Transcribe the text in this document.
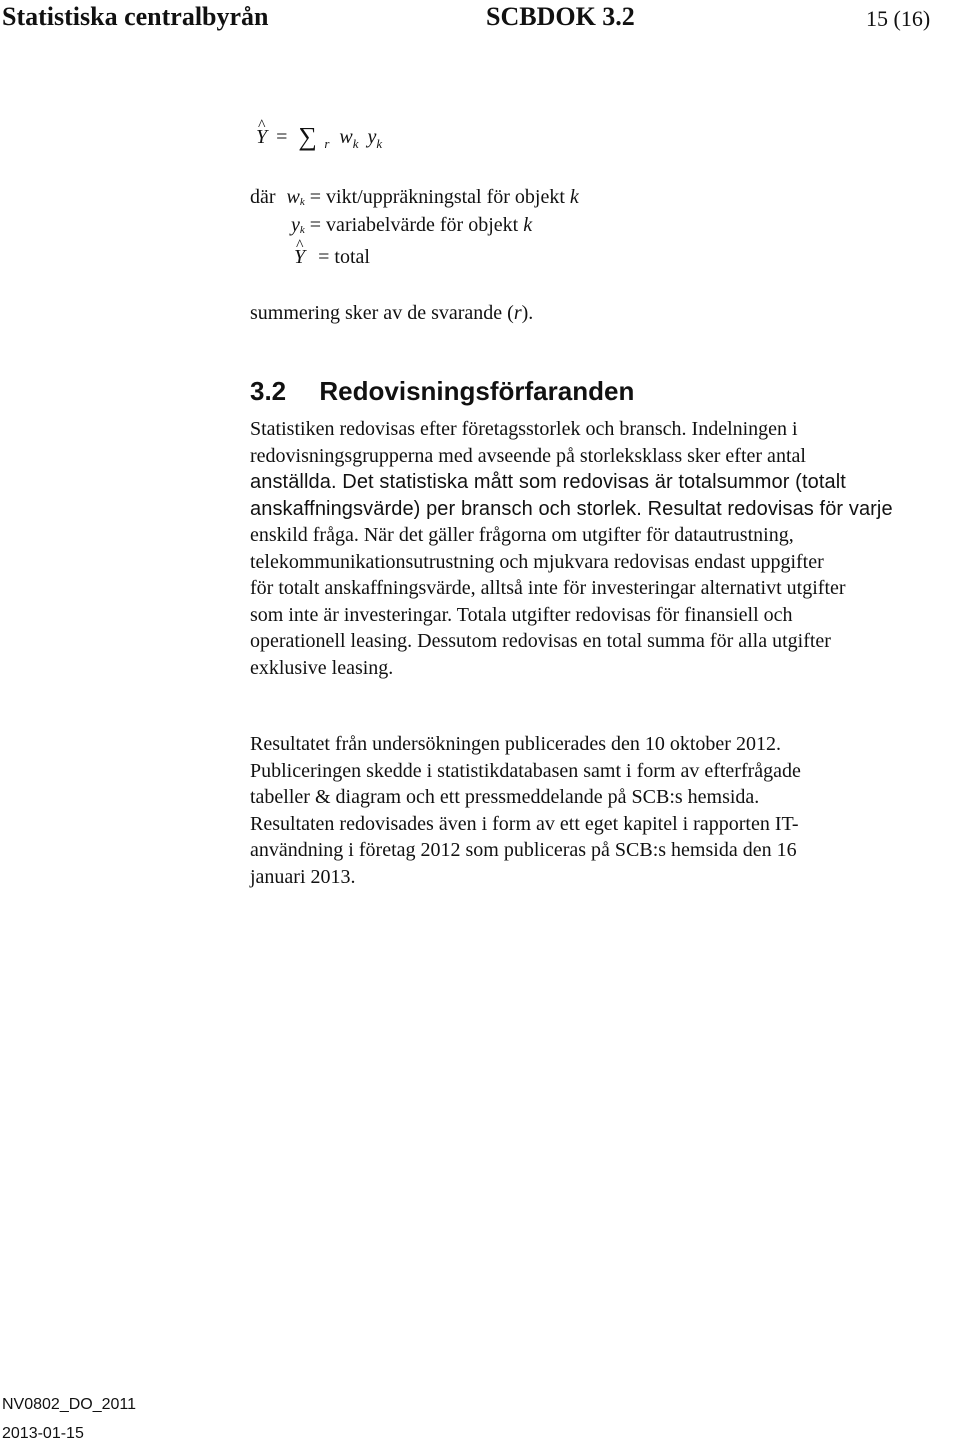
Statistiska centralbyrån	SCBDOK 3.2	15 (16)
^ Y = ∑ r $w_k$ $y_k$
där wk = vikt/uppräkningstal för objekt k
yk = variabelvärde för objekt k
^ Y = total
summering sker av de svarande (r).
3.2 Redovisningsförfaranden

Statistiken redovisas efter företagsstorlek och bransch. Indelningen i

redovisningsgrupperna med avseende på storleksklass sker efter antal

anställda. Det statistiska mått som redovisas är totalsummor (totalt

anskaffningsvärde) per bransch och storlek. Resultat redovisas för varje

enskild fråga. När det gäller frågorna om utgifter för datautrustning,

telekommunikationsutrustning och mjukvara redovisas endast uppgifter

för totalt anskaffningsvärde, alltså inte för investeringar alternativt utgifter

som inte är investeringar. Totala utgifter redovisas för finansiell och

operationell leasing. Dessutom redovisas en total summa för alla utgifter

exklusive leasing.

Resultatet från undersökningen publicerades den 10 oktober 2012.

Publiceringen skedde i statistikdatabasen samt i form av efterfrågade

tabeller & diagram och ett pressmeddelande på SCB:s hemsida.

Resultaten redovisades även i form av ett eget kapitel i rapporten IT-

användning i företag 2012 som publiceras på SCB:s hemsida den 16

januari 2013.

NV0802_DO_2011
2013-01-15
